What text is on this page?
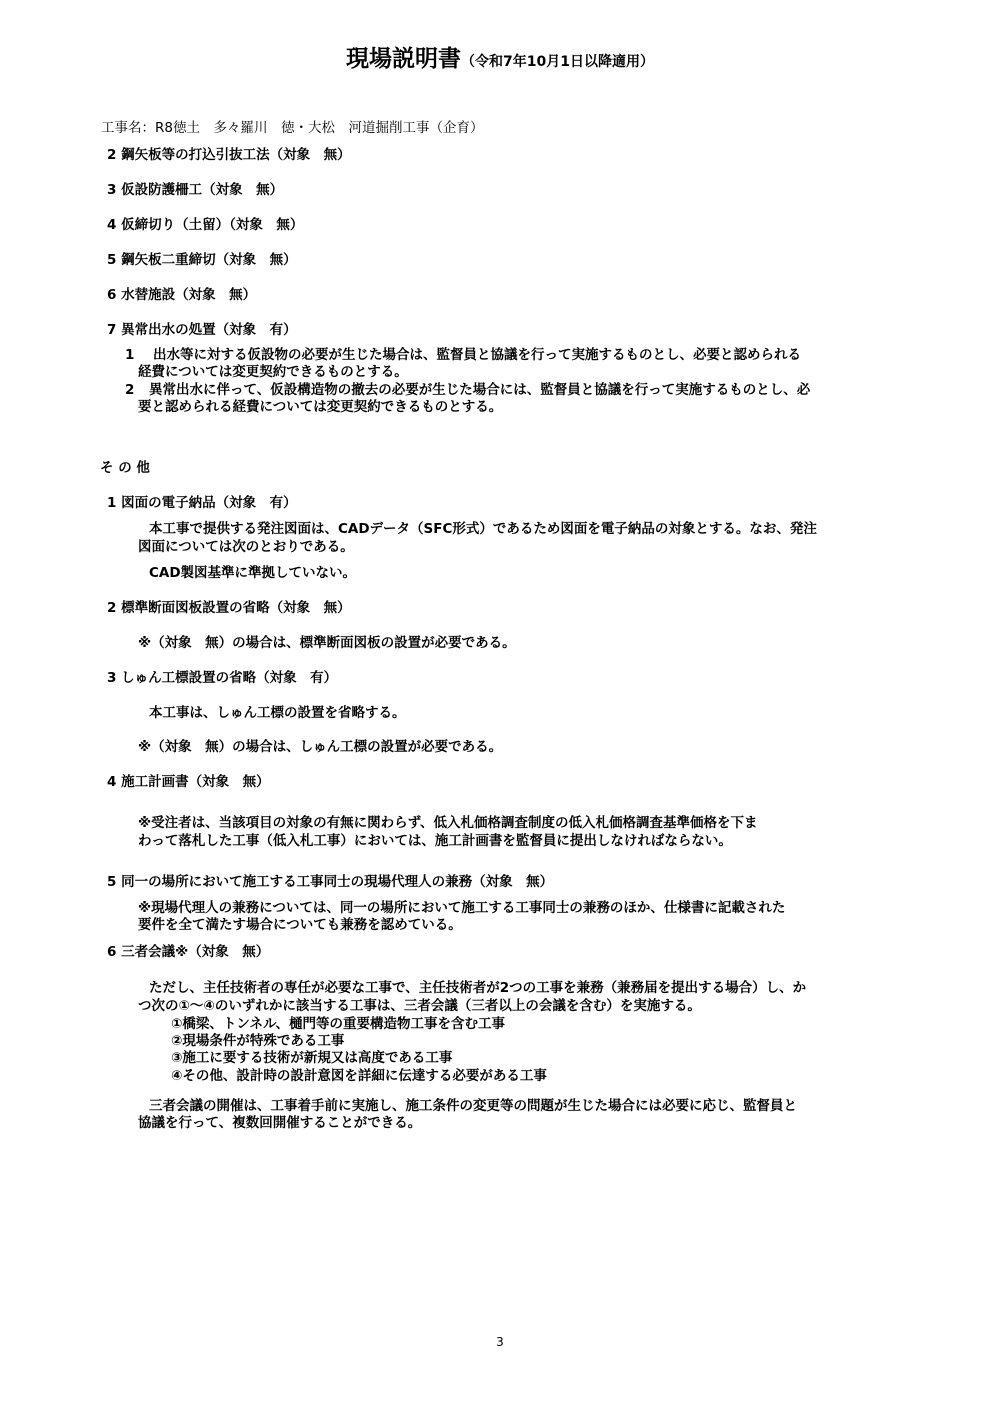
現場説明書（令和7年10月1日以降適用）
工事名：R8徳土　多々羅川　徳・大松　河道掘削工事（企育）
2 鋼矢板等の打込引抜工法（対象　無）
3 仮設防護柵工（対象　無）
4 仮締切り（土留）（対象　無）
5 鋼矢板二重締切（対象　無）
6 水替施設（対象　無）
7 異常出水の処置（対象　有）
1 出水等に対する仮設物の必要が生じた場合は、監督員と協議を行って実施するものとし、必要と認められる
経費については変更契約できるものとする。
2 異常出水に伴って、仮設構造物の撤去の必要が生じた場合には、監督員と協議を行って実施するものとし、必
要と認められる経費については変更契約できるものとする。
そ の 他
1 図面の電子納品（対象　有）
本工事で提供する発注図面は、CADデータ（SFC形式）であるため図面を電子納品の対象とする。なお、発注
図面については次のとおりである。
CAD製図基準に準拠していない。
2 標準断面図板設置の省略（対象　無）
※（対象　無）の場合は、標準断面図板の設置が必要である。
3 しゅん工標設置の省略（対象　有）
本工事は、しゅん工標の設置を省略する。
※（対象　無）の場合は、しゅん工標の設置が必要である。
4 施工計画書（対象　無）
※受注者は、当該項目の対象の有無に関わらず、低入札価格調査制度の低入札価格調査基準価格を下ま
わって落札した工事（低入札工事）においては、施工計画書を監督員に提出しなければならない。
5 同一の場所において施工する工事同士の現場代理人の兼務（対象　無）
※現場代理人の兼務については、同一の場所において施工する工事同士の兼務のほか、仕様書に記載された
要件を全て満たす場合についても兼務を認めている。
6 三者会議※（対象　無）
ただし、主任技術者の専任が必要な工事で、主任技術者が2つの工事を兼務（兼務届を提出する場合）し、か
つ次の①～④のいずれかに該当する工事は、三者会議（三者以上の会議を含む）を実施する。
①橋梁、トンネル、樋門等の重要構造物工事を含む工事
②現場条件が特殊である工事
③施工に要する技術が新規又は高度である工事
④その他、設計時の設計意図を詳細に伝達する必要がある工事
三者会議の開催は、工事着手前に実施し、施工条件の変更等の問題が生じた場合には必要に応じ、監督員と
協議を行って、複数回開催することができる。
3
